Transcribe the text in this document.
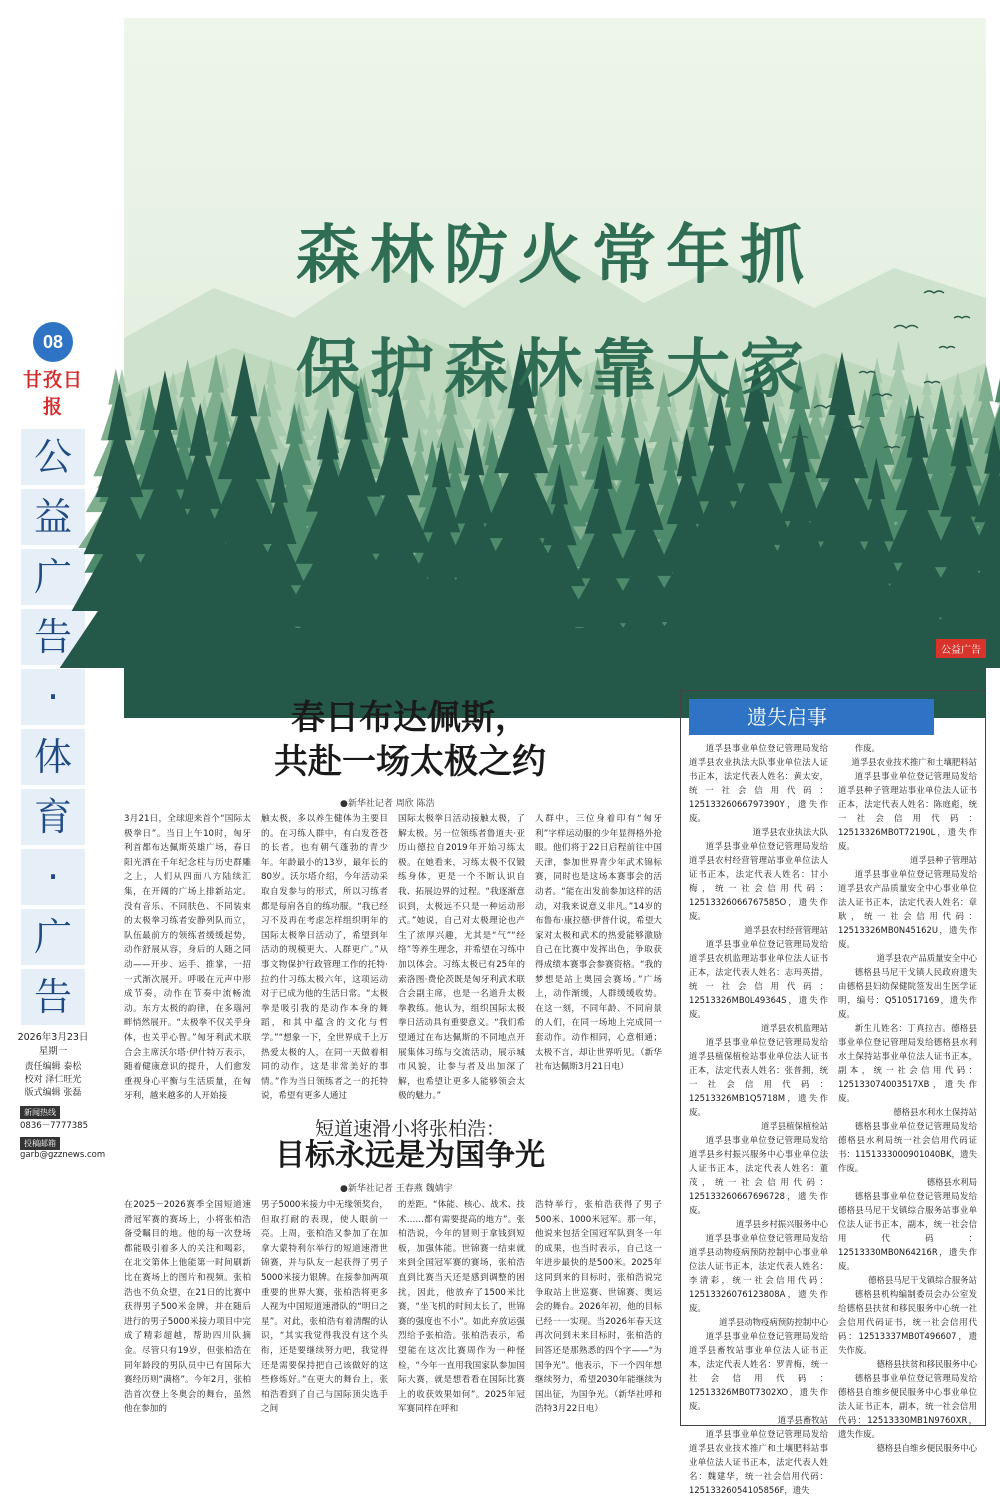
08
甘孜日报
公
益
广
告
·
体
育
·
广
告
2026年3月23日
星期一
责任编辑 泰松
校对 泽仁旺光
版式编辑 张磊
新闻热线
0836－7777385
投稿邮箱
garb@gzznews.com
森林防火常年抓
保护森林靠大家
公益广告
春日布达佩斯，
共赴一场太极之约
●新华社记者 周欣 陈浩
3月21日，全球迎来首个“国际太极拳日”。当日上午10时，匈牙利首都布达佩斯英雄广场，春日阳光洒在千年纪念柱与历史群雕之上，人们从四面八方陆续汇集，在开阔的广场上排新站定。没有音乐、不同肤色、不同装束的太极拳习练者安静列队而立，队伍最前方的领练者缓缓起势，动作舒展从容，身后的人随之同动——开步、运手、推掌，一招一式渐次展开。呼吸在元声中形成节奏，动作在节奏中流畅流动。东方太极的韵律，在多瑙河畔悄然展开。“太极拳不仅关乎身体，也关乎心智。”匈牙利武术联合会主席沃尔塔·伊什特万表示，随着健康意识的提升，人们愈发重视身心平衡与生活质量，在匈牙利，越来越多的人开始接
触太极，多以养生健体为主要目的。在习练人群中，有白发苍苍的长者，也有朝气蓬勃的青少年。年龄最小的13岁，最年长的80岁。沃尔塔介绍，今年活动采取自发参与的形式，所以习练者都是每肩各自的练功服。“我已经习不及再在考虑怎样组织明年的国际太极拳日活动了，希望到年活动的规模更大、人群更广。”从事文物保护行政管理工作的托特·拉约什习练太极六年，这项运动对于已成为他的生活日常。“太极拳是吸引我的是动作本身的舞蹈，和其中蕴含的文化与哲学。”“想象一下，全世界成千上万热爱太极的人，在同一天做着相同的动作，这是非常美好的事情。”作为当日领练者之一的托特说，希望有更多人通过
国际太极拳日活动接触太极，了解太极。另一位领练者鲁道夫·亚历山德拉自2019年开始习练太极。在她看来，习练太极不仅锻练身体，更是一个不断认识自我、拓展边界的过程。“我逐渐意识到，太极远不只是一种运动形式。”她说，自己对太极理论也产生了浓厚兴趣，尤其是“气”“经络”等养生理念，并希望在习练中加以体会。习练太极已有25年的索洛图·费伦茨既是匈牙利武术联合会副主席，也是一名道升太极拳教练。他认为，组织国际太极拳日活动具有重要意义。“我们希望通过在布达佩斯的不同地点开展集体习练与交流活动，展示城市风貌，让参与者及出加深了解，也希望让更多人能够领会太极的魅力。”
人群中，三位身着印有“匈牙利”字样运动服的少年显得格外抢眼。他们将于22日启程前往中国天津，参加世界青少年武术锦标赛，同时也是这场本赛事会的活动者。“能在出发前参加这样的活动，对我来说意义非凡。”14岁的布鲁布·康拉德·伊普什说，希望大家对太极和武术的热爱能够激励自己在比赛中发挥出色，争取获得成绩本赛事会参赛资格。“我的梦想是站上奥园会赛场。”广场上，动作渐缓，人群缓缓收势。在这一刻，不同年龄、不同肩景的人们，在同一场地上完成同一套动作。动作相同，心意相通；太极不言，却让世界听见。（新华社布达佩斯3月21日电）
短道速滑小将张柏浩：
目标永远是为国争光
●新华社记者 王春燕 魏婧宇
在2025－2026赛季全国短道速滑冠军赛的赛场上，小将张柏浩备受瞩目的地。他的每一次登场都能吸引着多人的关注和喝彩，在北交第体上他能第一时间刷新比在赛场上的图片和视频。张柏浩也不负众望，在21日的比赛中获得男子500米金牌，并在随后进行的男子5000米接力项目中完成了精彩超越，帮助四川队摘金。尽管只有19岁，但张柏浩在同年龄段的男队员中已有国际大赛经历则“满格”。今年2月，张柏浩首次登上冬奥会的舞台，虽然他在参加的
男子5000米接力中无缘领奖台，但取打耐的表现，使人眼前一亮。上周，张柏浩又参加了在加拿大蒙特利尔举行的短道速滑世锦赛，并与队友一起获得了男子5000米接力银牌。在接参加两项重要的世界大赛，张柏浩将更多人视为中国短道速滑队的“明日之星”。对此，张柏浩有着清醒的认识，“其实我觉得我没有这个头衔，还是要继续努力吧，我觉得还是需要保持把自己该做好的这些修炼好。”在更大的舞台上，张柏浩看到了自己与国际顶尖选手之间
的差距。“体能、核心、战术、技术……都有需要提高的地方”。张柏浩说，今年的冒则于拿钱到短板，加强体能。世锦赛一结束就来到全国冠军赛的赛场，张柏浩直到比赛当天还是感到调整的困扰，因此，他放弃了1500米比赛，“坐飞机的时间太长了，世锦赛的强度也不小”。如此弃放运强烈给予张柏浩。张柏浩表示，希望能在这次比赛周作为一种怪检，“今年一直用我国家队参加国际大赛，就是想看看在国际比赛上的收获效果如何”。2025年冠军赛同样在呼和
浩特举行，张柏浩获得了男子500米、1000米冠军。那一年，他说来包括全国冠军队到冬一年的成果，也当时表示，自己这一年进步最快的是500米。2025年这同到来的目标时，张柏浩说完争取站上世巡赛、世锦赛、奥运会的舞台。2026年初，他的目标已经一一实现。当2026年春天这再次问到未来目标时，张柏浩的回答还是那熟悉的四个字——“为国争光”。他表示，下一个四年想继续努力，希望2030年能继续为国出征，为国争光。（新华社呼和浩特3月22日电）
遗失启事

道孚县事业单位登记管理局发给道孚县农业执法大队事业单位法人证书正本，法定代表人姓名：黄太安，统一社会信用代码：12513326066797390Y，遗失作废。

道孚县农业执法大队

道孚县事业单位登记管理局发给道孚县农村经营管理站事业单位法人证书正本，法定代表人姓名：甘小梅，统一社会信用代码：12513326066767585O，遗失作废。

道孚县农村经营管理站

道孚县事业单位登记管理局发给道孚县农机监理站事业单位法人证书正本，法定代表人姓名：志玛英措，统一社会信用代码：12513326MB0L49364S，遗失作废。

道孚县农机监理站

道孚县事业单位登记管理局发给道孚县植保植检站事业单位法人证书正本，法定代表人姓名：张普拥，统一社会信用代码：12513326MB1Q5718M，遗失作废。

道孚县植保植检站

道孚县事业单位登记管理局发给道孚县乡村振兴服务中心事业单位法人证书正本，法定代表人姓名：董茂，统一社会信用代码：125133260667696728，遗失作废。

道孚县乡村振兴服务中心

道孚县事业单位登记管理局发给道孚县动物疫病预防控制中心事业单位法人证书正本，法定代表人姓名：李清彩，统一社会信用代码：12513326076123808A，遗失作废。

道孚县动物疫病预防控制中心

道孚县事业单位登记管理局发给道孚县畜牧站事业单位法人证书正本，法定代表人姓名：罗青梅，统一社会信用代码：12513326MB0T7302XO，遗失作废。

道孚县畜牧站

道孚县事业单位登记管理局发给道孚县农业技术推广和土壤肥料站事业单位法人证书正本，法定代表人姓名：魏建华，统一社会信用代码：12513326054105856F，遗失

作废。

道孚县农业技术推广和土壤肥料站

道孚县事业单位登记管理局发给道孚县种子管理站事业单位法人证书正本，法定代表人姓名：陈庭彪，统一社会信用代码：12513326MB0T72190L，遗失作废。

道孚县种子管理站

道孚县事业单位登记管理局发给道孚县农产品质量安全中心事业单位法人证书正本，法定代表人姓名：章耿，统一社会信用代码：12513326MB0N45162U，遗失作废。

道孚县农产品质量安全中心

德格县马尼干戈镇人民政府遗失由德格县妇幼保健院签发出生医学证明，编号：Q510517169，遗失作废。

新生儿姓名：丁真拉吉。德格县事业单位登记管理局发给德格县水利水土保持站事业单位法人证书正本，副本，统一社会信用代码：125133074003517XB，遗失作废。

德格县水利水土保持站

德格县事业单位登记管理局发给德格县水利局统一社会信用代码证书：1151333000901040BK，遗失作废。

德格县水利局

德格县事业单位登记管理局发给德格县马尼干戈镇综合服务站事业单位法人证书正本，副本，统一社会信用代码：12513330MB0N64216R，遗失作废。

德格县马尼干戈镇综合服务站

德格县机构编制委员会办公室发给德格县扶贫和移民服务中心统一社会信用代码证书，统一社会信用代码：12513337MB0T496607，遗失作废。

德格县扶贫和移民服务中心

德格县事业单位登记管理局发给德格县自维乡便民服务中心事业单位法人证书正本，副本，统一社会信用代码：12513330MB1N9760XR，遗失作废。

德格县自维乡便民服务中心
